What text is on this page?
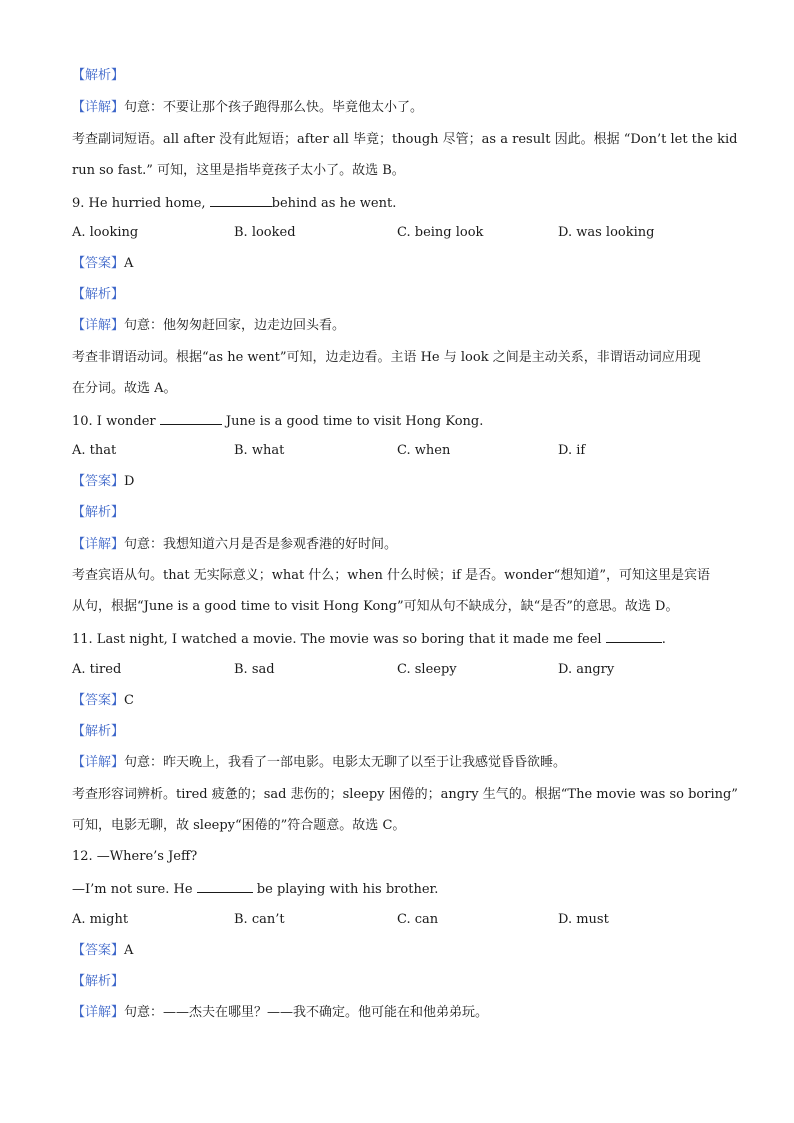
【解析】
【详解】句意：不要让那个孩子跑得那么快。毕竟他太小了。
考查副词短语。all after 没有此短语；after all 毕竟；though 尽管；as a result 因此。根据 “Don’t let the kid
run so fast.” 可知，这里是指毕竟孩子太小了。故选 B。
9. He hurried home,	behind as he went.
A. looking	B. looked	C. being look	D. was looking
【答案】A
【解析】
【详解】句意：他匆匆赶回家，边走边回头看。
考查非谓语动词。根据“as he went”可知，边走边看。主语 He 与 look 之间是主动关系，非谓语动词应用现
在分词。故选 A。
10. I wonder	June is a good time to visit Hong Kong.
A. that	B. what	C. when	D. if
【答案】D
【解析】
【详解】句意：我想知道六月是否是参观香港的好时间。
考查宾语从句。that 无实际意义；what 什么；when 什么时候；if 是否。wonder“想知道”，可知这里是宾语
从句，根据“June is a good time to visit Hong Kong”可知从句不缺成分，缺“是否”的意思。故选 D。
11. Last night, I watched a movie. The movie was so boring that it made me feel	.
A. tired	B. sad	C. sleepy	D. angry
【答案】C
【解析】
【详解】句意：昨天晚上，我看了一部电影。电影太无聊了以至于让我感觉昏昏欲睡。
考查形容词辨析。tired 疲惫的；sad 悲伤的；sleepy 困倦的；angry 生气的。根据“The movie was so boring”
可知，电影无聊，故 sleepy“困倦的”符合题意。故选 C。
12. —Where’s Jeff?
—I’m not sure. He	be playing with his brother.
A. might	B. can’t	C. can	D. must
【答案】A
【解析】
【详解】句意：——杰夫在哪里？——我不确定。他可能在和他弟弟玩。
